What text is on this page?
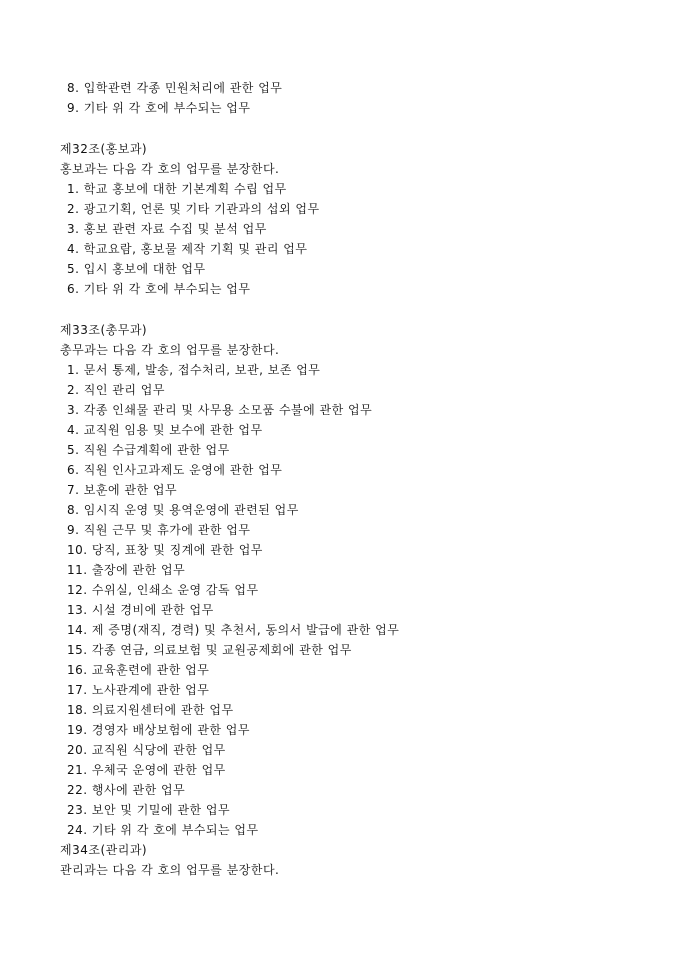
8. 입학관련 각종 민원처리에 관한 업무
9. 기타 위 각 호에 부수되는 업무
제32조(홍보과)
홍보과는 다음 각 호의 업무를 분장한다.
1. 학교 홍보에 대한 기본계획 수립 업무
2. 광고기획, 언론 및 기타 기관과의 섭외 업무
3. 홍보 관련 자료 수집 및 분석 업무
4. 학교요람, 홍보물 제작 기획 및 관리 업무
5. 입시 홍보에 대한 업무
6. 기타 위 각 호에 부수되는 업무
제33조(총무과)
총무과는 다음 각 호의 업무를 분장한다.
1. 문서 통제, 발송, 접수처리, 보관, 보존 업무
2. 직인 관리 업무
3. 각종 인쇄물 관리 및 사무용 소모품 수불에 관한 업무
4. 교직원 임용 및 보수에 관한 업무
5. 직원 수급계획에 관한 업무
6. 직원 인사고과제도 운영에 관한 업무
7. 보훈에 관한 업무
8. 임시직 운영 및 용역운영에 관련된 업무
9. 직원 근무 및 휴가에 관한 업무
10. 당직, 표창 및 징계에 관한 업무
11. 출장에 관한 업무
12. 수위실, 인쇄소 운영 감독 업무
13. 시설 경비에 관한 업무
14. 제 증명(재직, 경력) 및 추천서, 동의서 발급에 관한 업무
15. 각종 연금, 의료보험 및 교원공제회에 관한 업무
16. 교육훈련에 관한 업무
17. 노사관계에 관한 업무
18. 의료지원센터에 관한 업무
19. 경영자 배상보험에 관한 업무
20. 교직원 식당에 관한 업무
21. 우체국 운영에 관한 업무
22. 행사에 관한 업무
23. 보안 및 기밀에 관한 업무
24. 기타 위 각 호에 부수되는 업무
제34조(관리과)
관리과는 다음 각 호의 업무를 분장한다.
